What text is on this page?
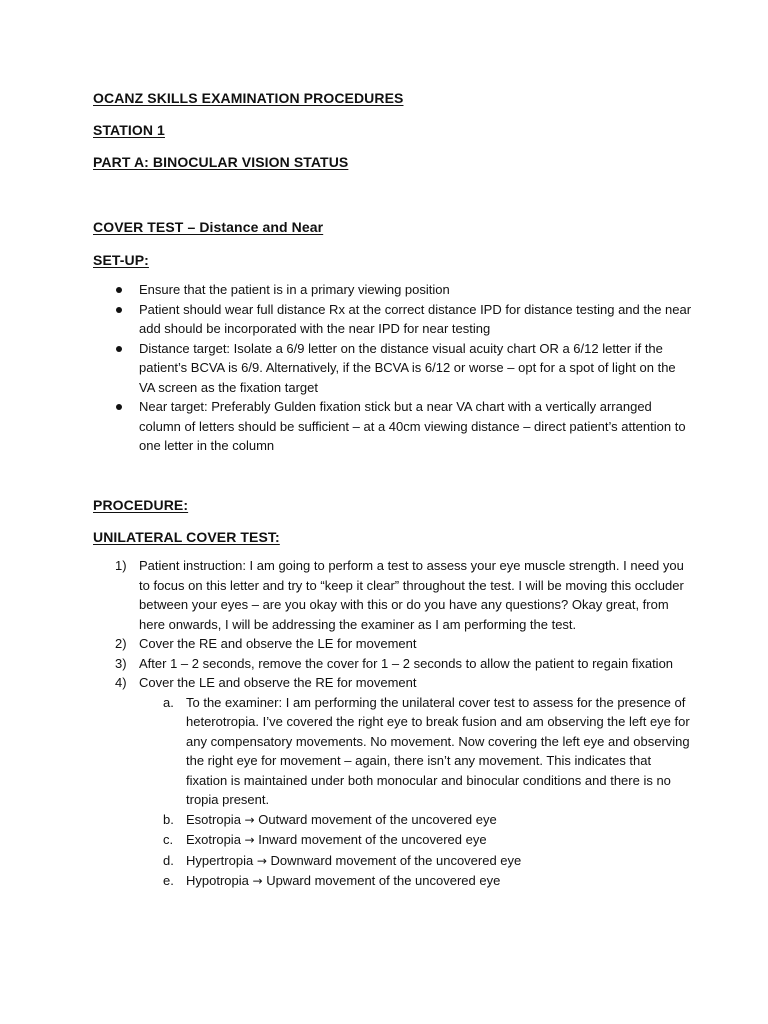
OCANZ SKILLS EXAMINATION PROCEDURES
STATION 1
PART A: BINOCULAR VISION STATUS
COVER TEST – Distance and Near
SET-UP:
Ensure that the patient is in a primary viewing position
Patient should wear full distance Rx at the correct distance IPD for distance testing and the near add should be incorporated with the near IPD for near testing
Distance target: Isolate a 6/9 letter on the distance visual acuity chart OR a 6/12 letter if the patient’s BCVA is 6/9. Alternatively, if the BCVA is 6/12 or worse – opt for a spot of light on the VA screen as the fixation target
Near target: Preferably Gulden fixation stick but a near VA chart with a vertically arranged column of letters should be sufficient – at a 40cm viewing distance – direct patient’s attention to one letter in the column
PROCEDURE:
UNILATERAL COVER TEST:
1) Patient instruction: I am going to perform a test to assess your eye muscle strength. I need you to focus on this letter and try to “keep it clear” throughout the test. I will be moving this occluder between your eyes – are you okay with this or do you have any questions? Okay great, from here onwards, I will be addressing the examiner as I am performing the test.
2) Cover the RE and observe the LE for movement
3) After 1 – 2 seconds, remove the cover for 1 – 2 seconds to allow the patient to regain fixation
4) Cover the LE and observe the RE for movement
a. To the examiner: I am performing the unilateral cover test to assess for the presence of heterotropia. I’ve covered the right eye to break fusion and am observing the left eye for any compensatory movements. No movement. Now covering the left eye and observing the right eye for movement – again, there isn’t any movement. This indicates that fixation is maintained under both monocular and binocular conditions and there is no tropia present.
b. Esotropia → Outward movement of the uncovered eye
c. Exotropia → Inward movement of the uncovered eye
d. Hypertropia → Downward movement of the uncovered eye
e. Hypotropia → Upward movement of the uncovered eye
